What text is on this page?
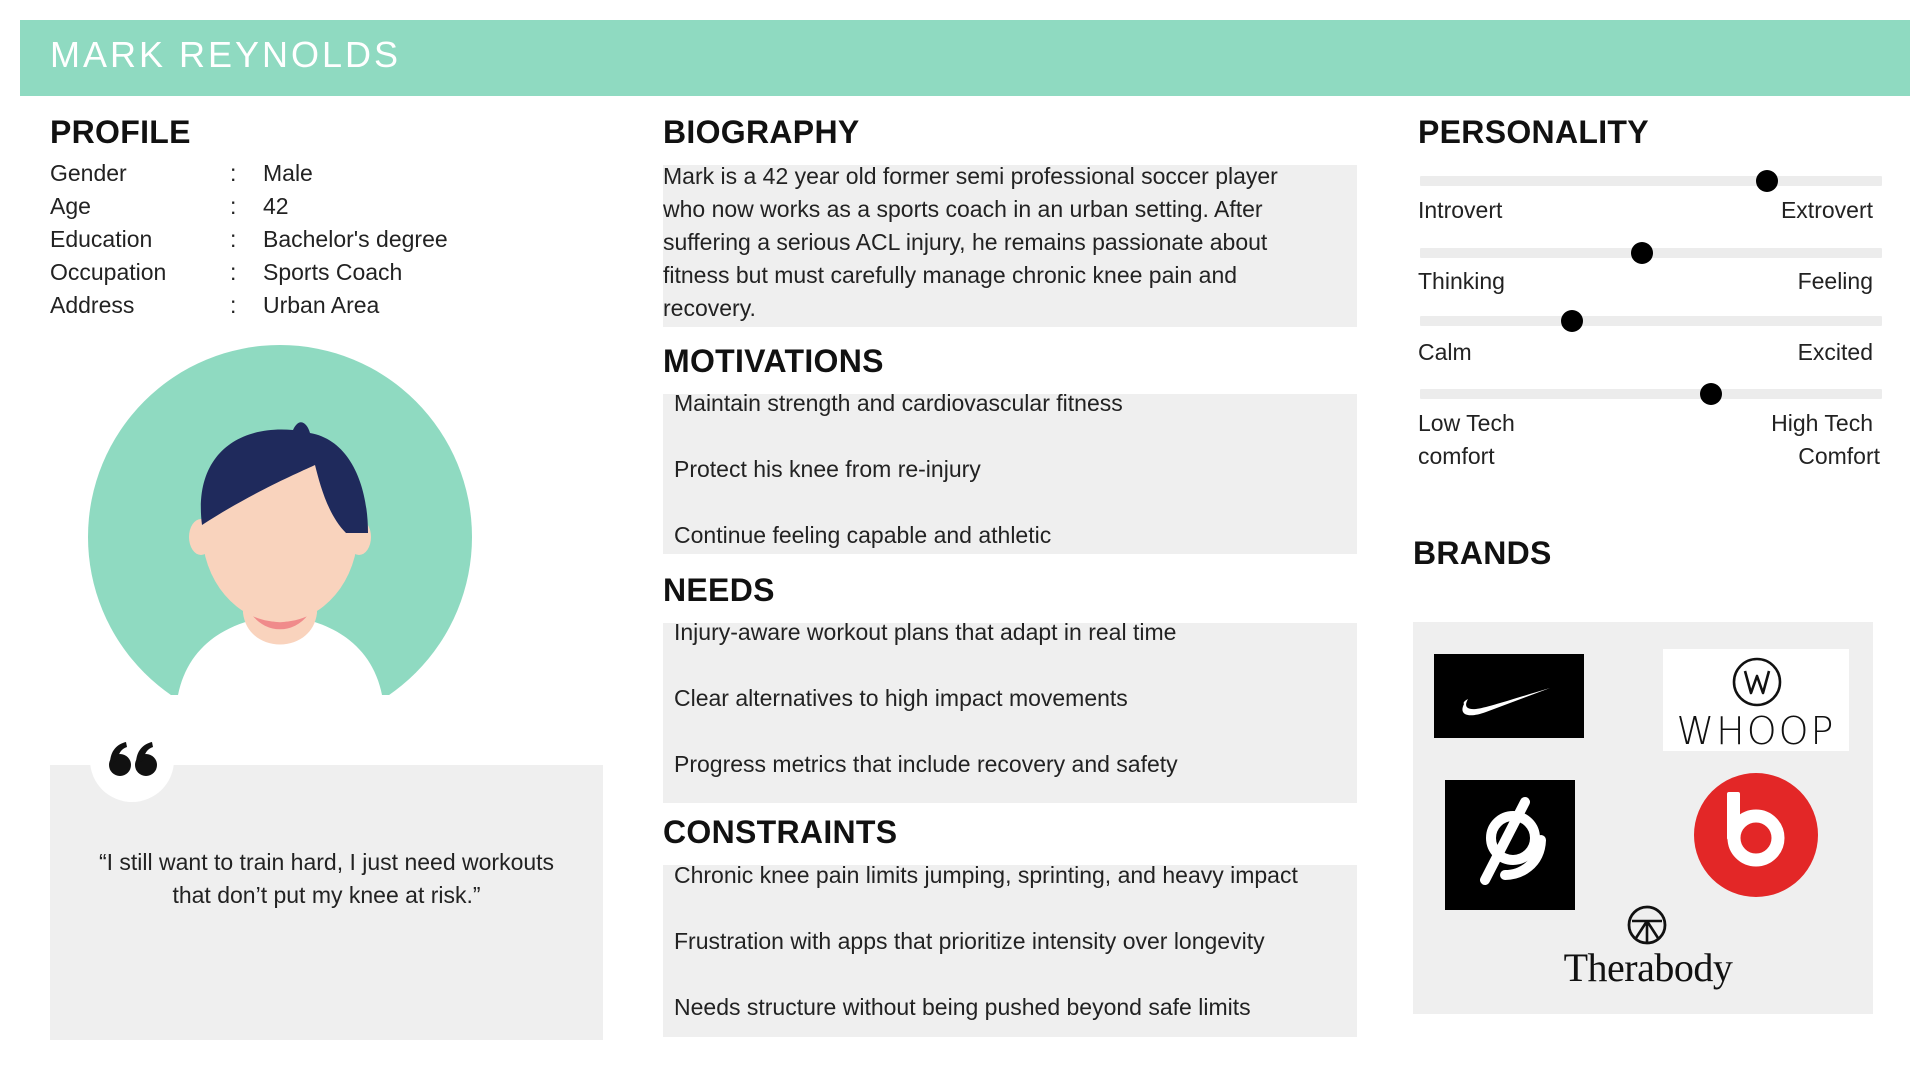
MARK REYNOLDS
PROFILE
Gender	:	Male
Age	:	42
Education	:	Bachelor's degree
Occupation	:	Sports Coach
Address	:	Urban Area
“I still want to train hard, I just need workouts
that don’t put my knee at risk.”
BIOGRAPHY
Mark is a 42 year old former semi professional soccer player
who now works as a sports coach in an urban setting. After
suffering a serious ACL injury, he remains passionate about
fitness but must carefully manage chronic knee pain and
recovery.
MOTIVATIONS
Maintain strength and cardiovascular fitness
Protect his knee from re-injury
Continue feeling capable and athletic
NEEDS
Injury-aware workout plans that adapt in real time
Clear alternatives to high impact movements
Progress metrics that include recovery and safety
CONSTRAINTS
Chronic knee pain limits jumping, sprinting, and heavy impact
Frustration with apps that prioritize intensity over longevity
Needs structure without being pushed beyond safe limits
PERSONALITY
Introvert	Extrovert
Thinking	Feeling
Calm	Excited
Low Tech
comfort
High Tech
Comfort
BRANDS
WHOOP
Therabody
